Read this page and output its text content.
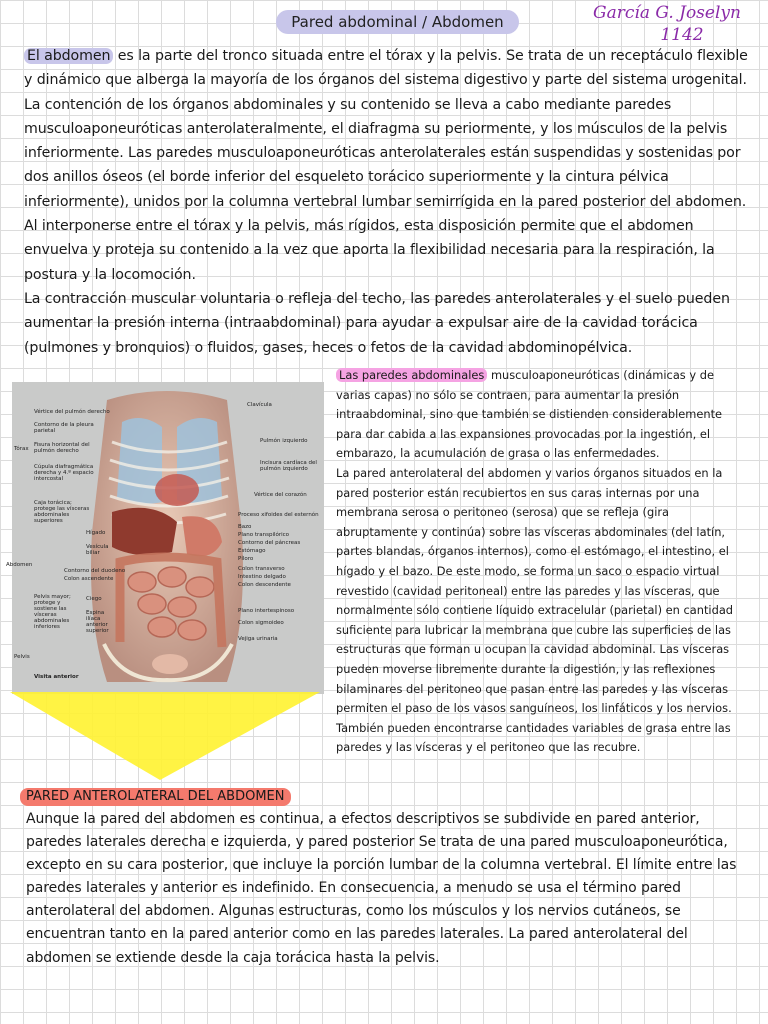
Pared abdominal / Abdomen	García G. Joselyn
1142

El abdomen es la parte del tronco situada entre el tórax y la pelvis. Se trata de un receptáculo flexible y dinámico que alberga la mayoría de los órganos del sistema digestivo y parte del sistema urogenital. La contención de los órganos abdominales y su contenido se lleva a cabo mediante paredes musculoaponeuróticas anterolateralmente, el diafragma su periormente, y los músculos de la pelvis inferiormente. Las paredes musculoaponeuróticas anterolaterales están suspendidas y sostenidas por dos anillos óseos (el borde inferior del esqueleto torácico superiormente y la cintura pélvica inferiormente), unidos por la columna vertebral lumbar semirrígida en la pared posterior del abdomen. Al interponerse entre el tórax y la pelvis, más rígidos, esta disposición permite que el abdomen envuelva y proteja su contenido a la vez que aporta la flexibilidad necesaria para la respiración, la postura y la locomoción.

La contracción muscular voluntaria o refleja del techo, las paredes anterolaterales y el suelo pueden aumentar la presión interna (intraabdominal) para ayudar a expulsar aire de la cavidad torácica (pulmones y bronquios) o fluidos, gases, heces o fetos de la cavidad abdominopélvica.

Vértice del pulmón derecho
Contorno de la pleura parietal
Tórax
Fisura horizontal del pulmón derecho
Cúpula diafragmática derecha y 4.º espacio intercostal
Caja torácica; protege las vísceras abdominales superiores
Hígado
Vesícula biliar
Abdomen
Contorno del duodeno
Colon ascendente
Pelvis mayor; protege y sostiene las vísceras abdominales inferiores
Ciego
Espina ilíaca anterior superior
Pelvis
Visita anterior
Clavícula
Pulmón izquierdo
Incisura cardíaca del pulmón izquierdo
Vértice del corazón
Proceso xifoides del esternón
Bazo
Plano transpilórico
Contorno del páncreas
Estómago
Píloro
Colon transverso
Intestino delgado
Colon descendente
Plano intertespinoso
Colon sigmoideo
Vejiga urinaria

Las paredes abdominales musculoaponeuróticas (dinámicas y de varias capas) no sólo se contraen, para aumentar la presión intraabdominal, sino que también se distienden considerablemente para dar cabida a las expansiones provocadas por la ingestión, el embarazo, la acumulación de grasa o las enfermedades.

La pared anterolateral del abdomen y varios órganos situados en la pared posterior están recubiertos en sus caras internas por una membrana serosa o peritoneo (serosa) que se refleja (gira abruptamente y continúa) sobre las vísceras abdominales (del latín, partes blandas, órganos internos), como el estómago, el intestino, el hígado y el bazo. De este modo, se forma un saco o espacio virtual revestido (cavidad peritoneal) entre las paredes y las vísceras, que normalmente sólo contiene líquido extracelular (parietal) en cantidad suficiente para lubricar la membrana que cubre las superficies de las estructuras que forman u ocupan la cavidad abdominal. Las vísceras pueden moverse libremente durante la digestión, y las reflexiones bilaminares del peritoneo que pasan entre las paredes y las vísceras permiten el paso de los vasos sanguíneos, los linfáticos y los nervios. También pueden encontrarse cantidades variables de grasa entre las paredes y las vísceras y el peritoneo que las recubre.

PARED ANTEROLATERAL DEL ABDOMEN

Aunque la pared del abdomen es continua, a efectos descriptivos se subdivide en pared anterior, paredes laterales derecha e izquierda, y pared posterior Se trata de una pared musculoaponeurótica, excepto en su cara posterior, que incluye la porción lumbar de la columna vertebral. El límite entre las paredes laterales y anterior es indefinido. En consecuencia, a menudo se usa el término pared anterolateral del abdomen. Algunas estructuras, como los músculos y los nervios cutáneos, se encuentran tanto en la pared anterior como en las paredes laterales. La pared anterolateral del abdomen se extiende desde la caja torácica hasta la pelvis.
